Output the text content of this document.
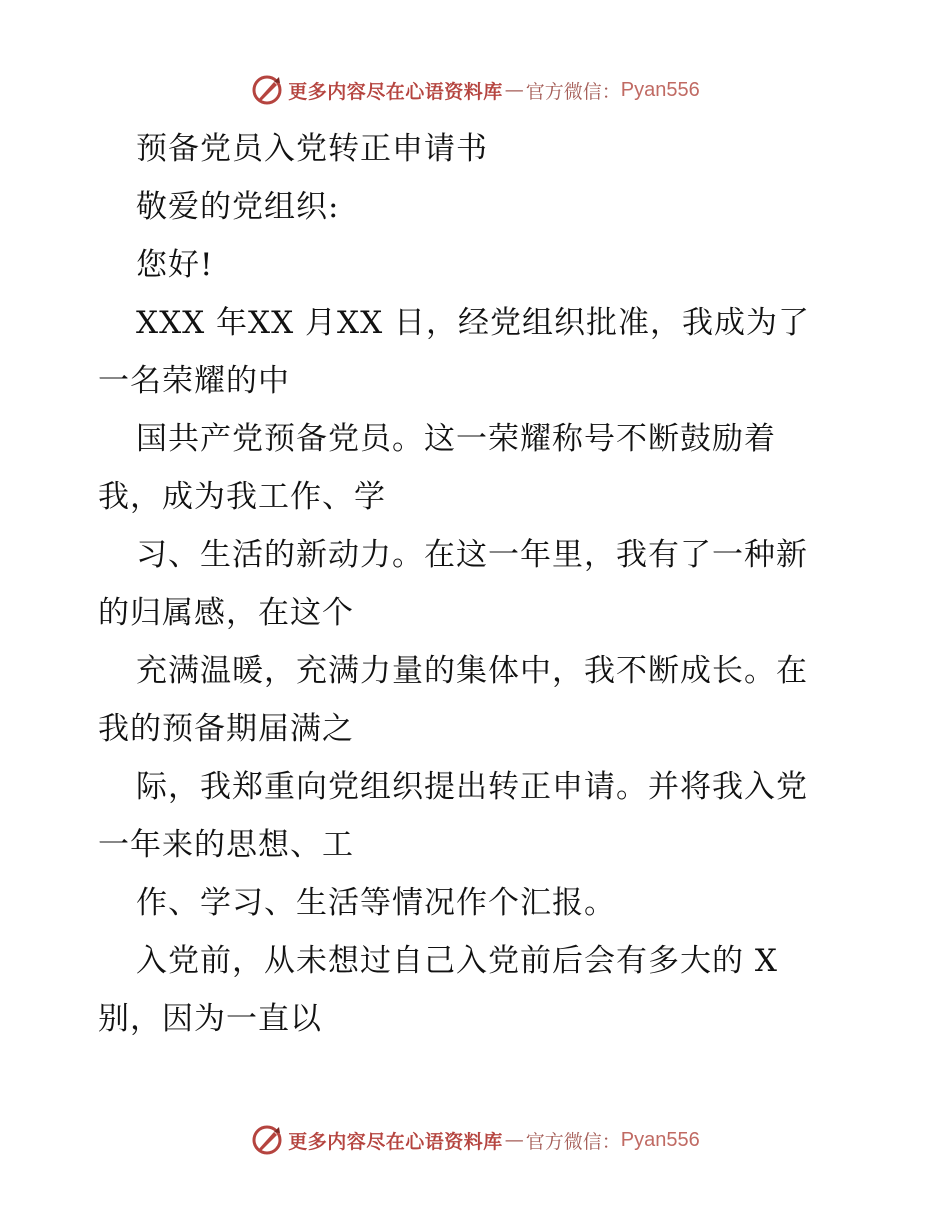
更多内容尽在心语资料库 — 官方微信： Pyan556
预备党员入党转正申请书
敬爱的党组织:
您好!
XXX 年XX 月XX 日，经党组织批准，我成为了
一名荣耀的中
国共产党预备党员。这一荣耀称号不断鼓励着
我，成为我工作、学
习、生活的新动力。在这一年里，我有了一种新
的归属感，在这个
充满温暖，充满力量的集体中，我不断成长。在
我的预备期届满之
际，我郑重向党组织提出转正申请。并将我入党
一年来的思想、工
作、学习、生活等情况作个汇报。
入党前，从未想过自己入党前后会有多大的 X
别，因为一直以
更多内容尽在心语资料库 — 官方微信： Pyan556
